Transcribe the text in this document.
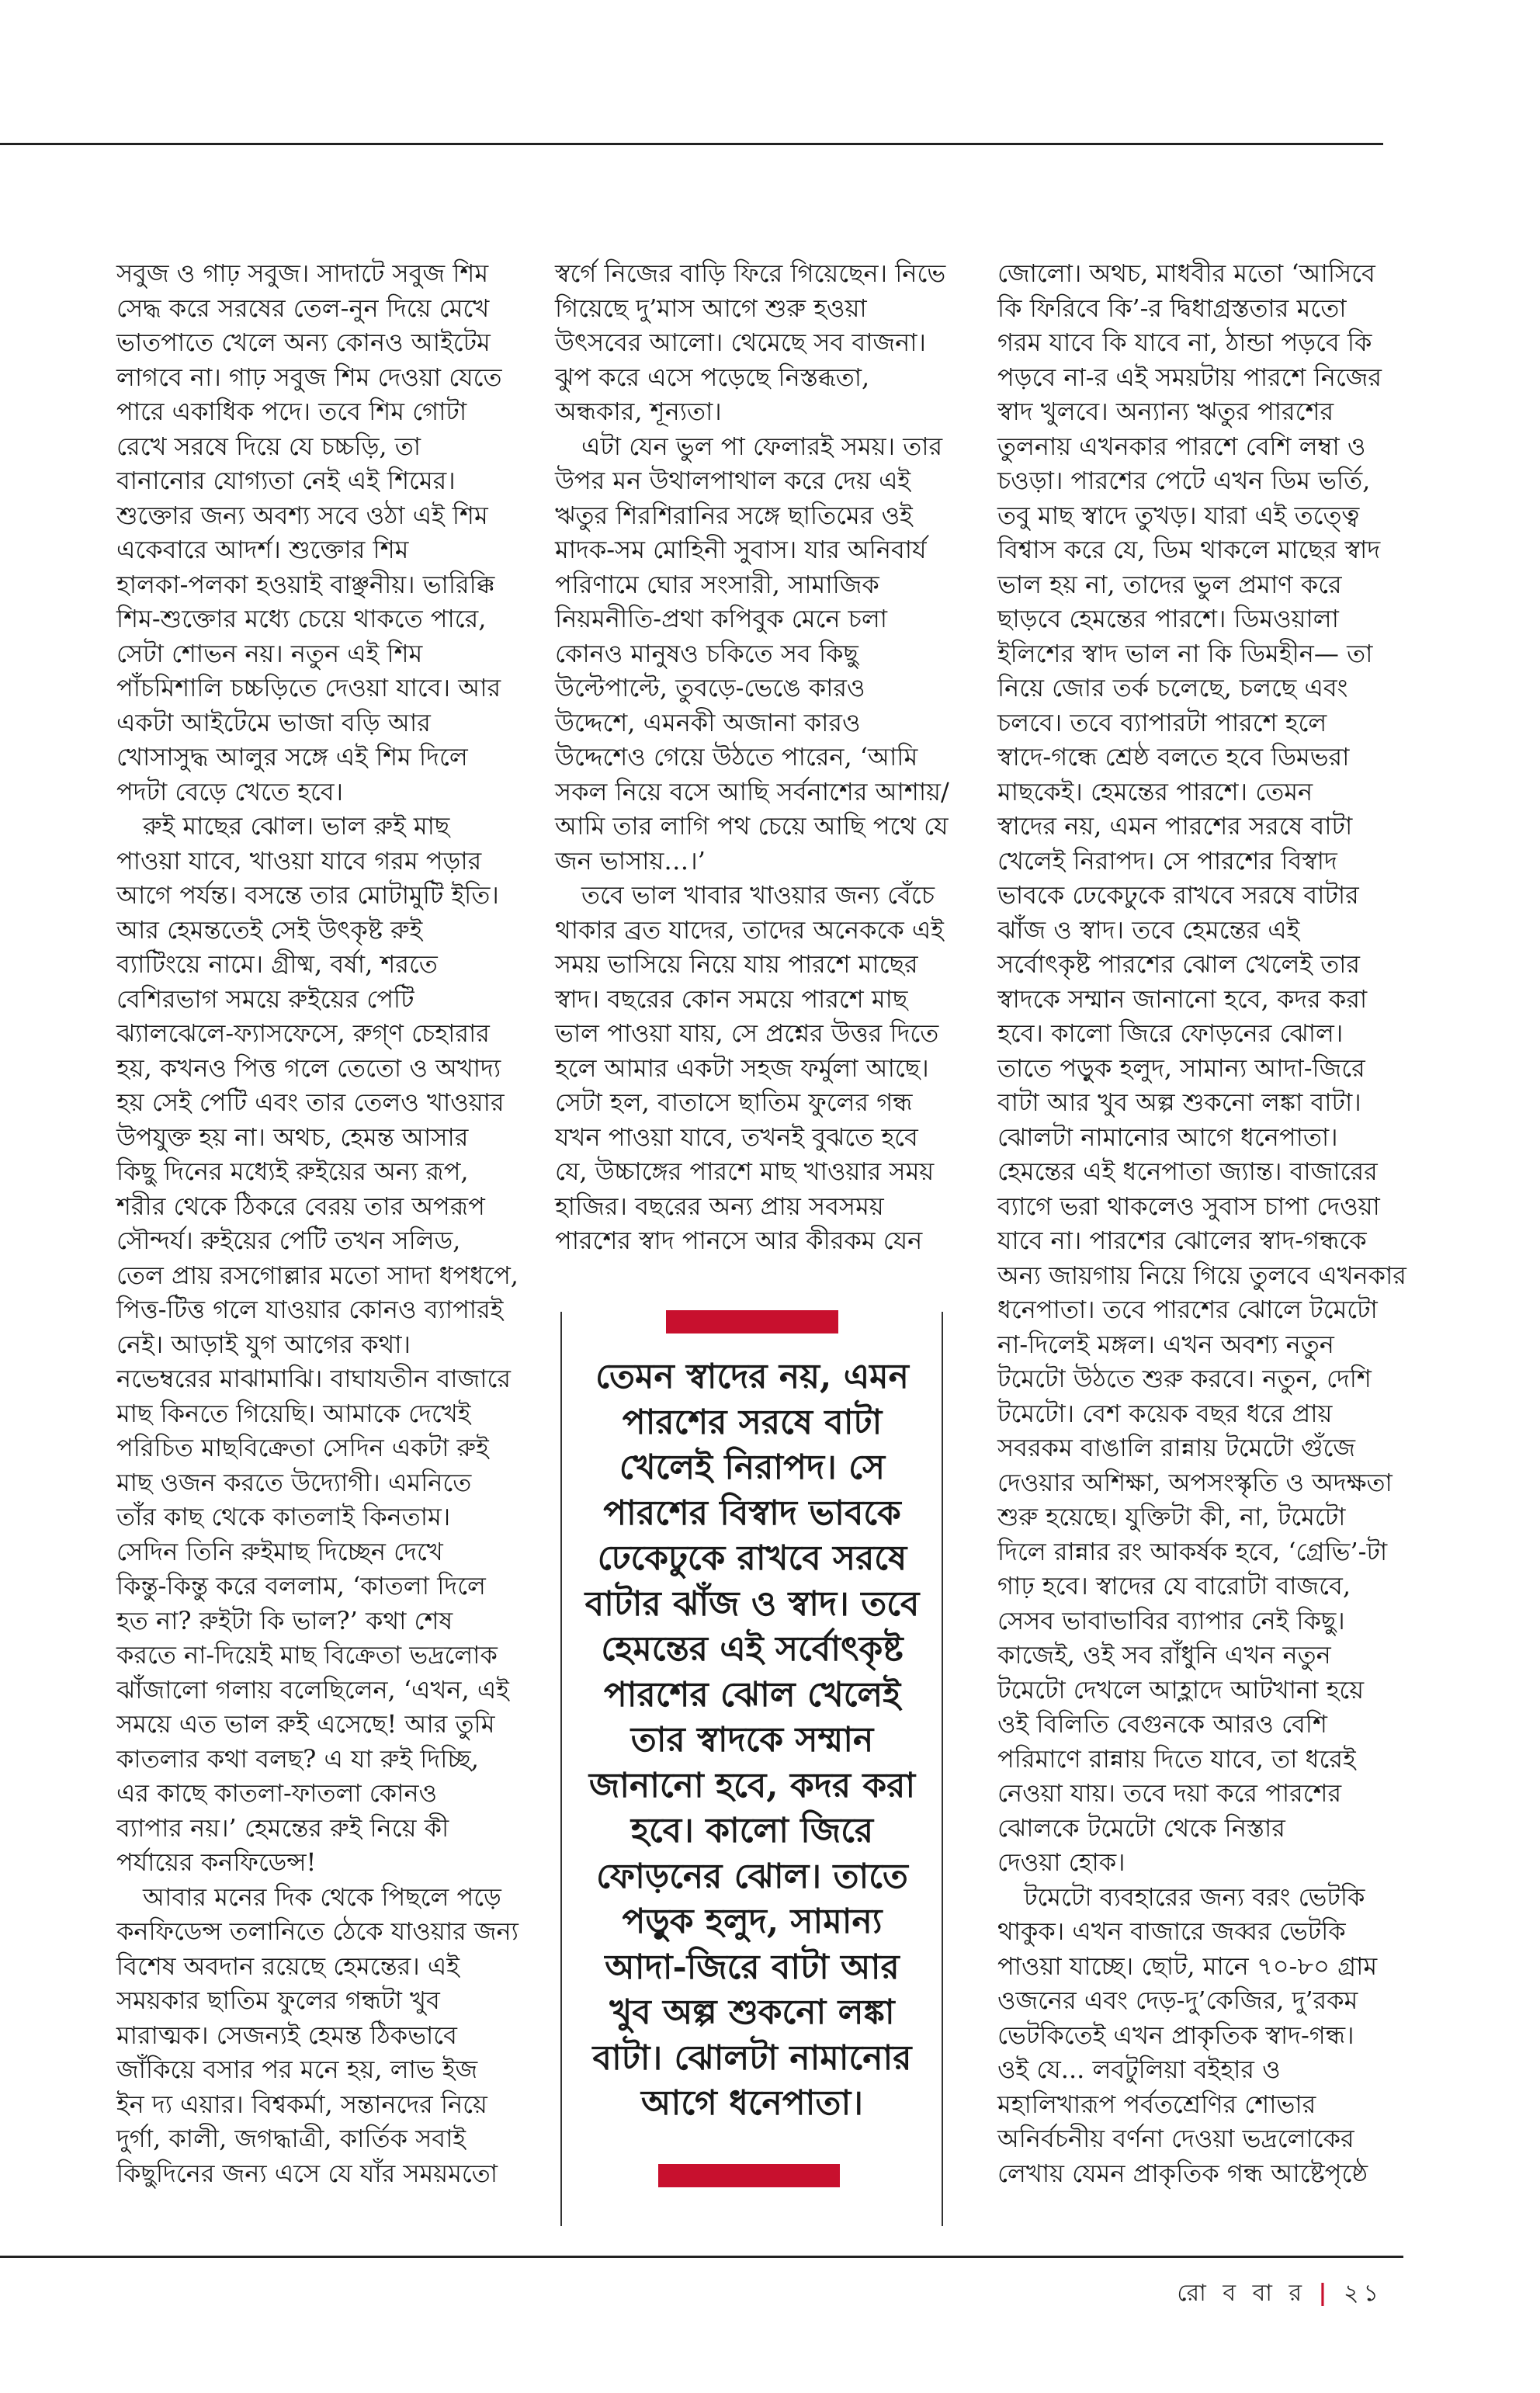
সবুজ ও গাঢ় সবুজ। সাদাটে সবুজ শিম
সেদ্ধ করে সরষের তেল-নুন দিয়ে মেখে
ভাতপাতে খেলে অন্য কোনও আইটেম
লাগবে না। গাঢ় সবুজ শিম দেওয়া যেতে
পারে একাধিক পদে। তবে শিম গোটা
রেখে সরষে দিয়ে যে চচ্চড়ি, তা
বানানোর যোগ্যতা নেই এই শিমের।
শুক্তোর জন্য অবশ্য সবে ওঠা এই শিম
একেবারে আদর্শ। শুক্তোর শিম
হালকা-পলকা হওয়াই বাঞ্ছনীয়। ভারিক্কি
শিম-শুক্তোর মধ্যে চেয়ে থাকতে পারে,
সেটা শোভন নয়। নতুন এই শিম
পাঁচমিশালি চচ্চড়িতে দেওয়া যাবে। আর
একটা আইটেমে ভাজা বড়ি আর
খোসাসুদ্ধ আলুর সঙ্গে এই শিম দিলে
পদটা বেড়ে খেতে হবে।
রুই মাছের ঝোল। ভাল রুই মাছ
পাওয়া যাবে, খাওয়া যাবে গরম পড়ার
আগে পর্যন্ত। বসন্তে তার মোটামুটি ইতি।
আর হেমন্ততেই সেই উৎকৃষ্ট রুই
ব্যাটিংয়ে নামে। গ্রীষ্ম, বর্ষা, শরতে
বেশিরভাগ সময়ে রুইয়ের পেটি
ঝ্যালঝেলে-ফ্যাসফেসে, রুগ্ণ চেহারার
হয়, কখনও পিত্ত গলে তেতো ও অখাদ্য
হয় সেই পেটি এবং তার তেলও খাওয়ার
উপযুক্ত হয় না। অথচ, হেমন্ত আসার
কিছু দিনের মধ্যেই রুইয়ের অন্য রূপ,
শরীর থেকে ঠিকরে বেরয় তার অপরূপ
সৌন্দর্য। রুইয়ের পেটি তখন সলিড,
তেল প্রায় রসগোল্লার মতো সাদা ধপধপে,
পিত্ত-টিত্ত গলে যাওয়ার কোনও ব্যাপারই
নেই। আড়াই যুগ আগের কথা।
নভেম্বরের মাঝামাঝি। বাঘাযতীন বাজারে
মাছ কিনতে গিয়েছি। আমাকে দেখেই
পরিচিত মাছবিক্রেতা সেদিন একটা রুই
মাছ ওজন করতে উদ্যোগী। এমনিতে
তাঁর কাছ থেকে কাতলাই কিনতাম।
সেদিন তিনি রুইমাছ দিচ্ছেন দেখে
কিন্তু-কিন্তু করে বললাম, ‘কাতলা দিলে
হত না? রুইটা কি ভাল?’ কথা শেষ
করতে না-দিয়েই মাছ বিক্রেতা ভদ্রলোক
ঝাঁজালো গলায় বলেছিলেন, ‘এখন, এই
সময়ে এত ভাল রুই এসেছে! আর তুমি
কাতলার কথা বলছ? এ যা রুই দিচ্ছি,
এর কাছে কাতলা-ফাতলা কোনও
ব্যাপার নয়।’ হেমন্তের রুই নিয়ে কী
পর্যায়ের কনফিডেন্স!
আবার মনের দিক থেকে পিছলে পড়ে
কনফিডেন্স তলানিতে ঠেকে যাওয়ার জন্য
বিশেষ অবদান রয়েছে হেমন্তের। এই
সময়কার ছাতিম ফুলের গন্ধটা খুব
মারাত্মক। সেজন্যই হেমন্ত ঠিকভাবে
জাঁকিয়ে বসার পর মনে হয়, লাভ ইজ
ইন দ্য এয়ার। বিশ্বকর্মা, সন্তানদের নিয়ে
দুর্গা, কালী, জগদ্ধাত্রী, কার্তিক সবাই
কিছুদিনের জন্য এসে যে যাঁর সময়মতো
স্বর্গে নিজের বাড়ি ফিরে গিয়েছেন। নিভে
গিয়েছে দু’মাস আগে শুরু হওয়া
উৎসবের আলো। থেমেছে সব বাজনা।
ঝুপ করে এসে পড়েছে নিস্তব্ধতা,
অন্ধকার, শূন্যতা।
এটা যেন ভুল পা ফেলারই সময়। তার
উপর মন উথালপাথাল করে দেয় এই
ঋতুর শিরশিরানির সঙ্গে ছাতিমের ওই
মাদক-সম মোহিনী সুবাস। যার অনিবার্য
পরিণামে ঘোর সংসারী, সামাজিক
নিয়মনীতি-প্রথা কপিবুক মেনে চলা
কোনও মানুষও চকিতে সব কিছু
উল্টেপাল্টে, তুবড়ে-ভেঙে কারও
উদ্দেশে, এমনকী অজানা কারও
উদ্দেশেও গেয়ে উঠতে পারেন, ‘আমি
সকল নিয়ে বসে আছি সর্বনাশের আশায়/
আমি তার লাগি পথ চেয়ে আছি পথে যে
জন ভাসায়…।’
তবে ভাল খাবার খাওয়ার জন্য বেঁচে
থাকার ব্রত যাদের, তাদের অনেককে এই
সময় ভাসিয়ে নিয়ে যায় পারশে মাছের
স্বাদ। বছরের কোন সময়ে পারশে মাছ
ভাল পাওয়া যায়, সে প্রশ্নের উত্তর দিতে
হলে আমার একটা সহজ ফর্মুলা আছে।
সেটা হল, বাতাসে ছাতিম ফুলের গন্ধ
যখন পাওয়া যাবে, তখনই বুঝতে হবে
যে, উচ্চাঙ্গের পারশে মাছ খাওয়ার সময়
হাজির। বছরের অন্য প্রায় সবসময়
পারশের স্বাদ পানসে আর কীরকম যেন
জোলো। অথচ, মাধবীর মতো ‘আসিবে
কি ফিরিবে কি’-র দ্বিধাগ্রস্ততার মতো
গরম যাবে কি যাবে না, ঠান্ডা পড়বে কি
পড়বে না-র এই সময়টায় পারশে নিজের
স্বাদ খুলবে। অন্যান্য ঋতুর পারশের
তুলনায় এখনকার পারশে বেশি লম্বা ও
চওড়া। পারশের পেটে এখন ডিম ভর্তি,
তবু মাছ স্বাদে তুখড়। যারা এই তত্ত্বে
বিশ্বাস করে যে, ডিম থাকলে মাছের স্বাদ
ভাল হয় না, তাদের ভুল প্রমাণ করে
ছাড়বে হেমন্তের পারশে। ডিমওয়ালা
ইলিশের স্বাদ ভাল না কি ডিমহীন— তা
নিয়ে জোর তর্ক চলেছে, চলছে এবং
চলবে। তবে ব্যাপারটা পারশে হলে
স্বাদে-গন্ধে শ্রেষ্ঠ বলতে হবে ডিমভরা
মাছকেই। হেমন্তের পারশে। তেমন
স্বাদের নয়, এমন পারশের সরষে বাটা
খেলেই নিরাপদ। সে পারশের বিস্বাদ
ভাবকে ঢেকেঢুকে রাখবে সরষে বাটার
ঝাঁজ ও স্বাদ। তবে হেমন্তের এই
সর্বোৎকৃষ্ট পারশের ঝোল খেলেই তার
স্বাদকে সম্মান জানানো হবে, কদর করা
হবে। কালো জিরে ফোড়নের ঝোল।
তাতে পড়ুক হলুদ, সামান্য আদা-জিরে
বাটা আর খুব অল্প শুকনো লঙ্কা বাটা।
ঝোলটা নামানোর আগে ধনেপাতা।
হেমন্তের এই ধনেপাতা জ্যান্ত। বাজারের
ব্যাগে ভরা থাকলেও সুবাস চাপা দেওয়া
যাবে না। পারশের ঝোলের স্বাদ-গন্ধকে
অন্য জায়গায় নিয়ে গিয়ে তুলবে এখনকার
ধনেপাতা। তবে পারশের ঝোলে টমেটো
না-দিলেই মঙ্গল। এখন অবশ্য নতুন
টমেটো উঠতে শুরু করবে। নতুন, দেশি
টমেটো। বেশ কয়েক বছর ধরে প্রায়
সবরকম বাঙালি রান্নায় টমেটো গুঁজে
দেওয়ার অশিক্ষা, অপসংস্কৃতি ও অদক্ষতা
শুরু হয়েছে। যুক্তিটা কী, না, টমেটো
দিলে রান্নার রং আকর্ষক হবে, ‘গ্রেভি’-টা
গাঢ় হবে। স্বাদের যে বারোটা বাজবে,
সেসব ভাবাভাবির ব্যাপার নেই কিছু।
কাজেই, ওই সব রাঁধুনি এখন নতুন
টমেটো দেখলে আহ্লাদে আটখানা হয়ে
ওই বিলিতি বেগুনকে আরও বেশি
পরিমাণে রান্নায় দিতে যাবে, তা ধরেই
নেওয়া যায়। তবে দয়া করে পারশের
ঝোলকে টমেটো থেকে নিস্তার
দেওয়া হোক।
টমেটো ব্যবহারের জন্য বরং ভেটকি
থাকুক। এখন বাজারে জব্বর ভেটকি
পাওয়া যাচ্ছে। ছোট, মানে ৭০-৮০ গ্রাম
ওজনের এবং দেড়-দু’কেজির, দু’রকম
ভেটকিতেই এখন প্রাকৃতিক স্বাদ-গন্ধ।
ওই যে... লবটুলিয়া বইহার ও
মহালিখারূপ পর্বতশ্রেণির শোভার
অনির্বচনীয় বর্ণনা দেওয়া ভদ্রলোকের
লেখায় যেমন প্রাকৃতিক গন্ধ আষ্টেপৃষ্ঠে
তেমন স্বাদের নয়, এমন
পারশের সরষে বাটা
খেলেই নিরাপদ। সে
পারশের বিস্বাদ ভাবকে
ঢেকেঢুকে রাখবে সরষে
বাটার ঝাঁজ ও স্বাদ। তবে
হেমন্তের এই সর্বোৎকৃষ্ট
পারশের ঝোল খেলেই
তার স্বাদকে সম্মান
জানানো হবে, কদর করা
হবে। কালো জিরে
ফোড়নের ঝোল। তাতে
পড়ুক হলুদ, সামান্য
আদা-জিরে বাটা আর
খুব অল্প শুকনো লঙ্কা
বাটা। ঝোলটা নামানোর
আগে ধনেপাতা।
রো ব বা র | ২১
